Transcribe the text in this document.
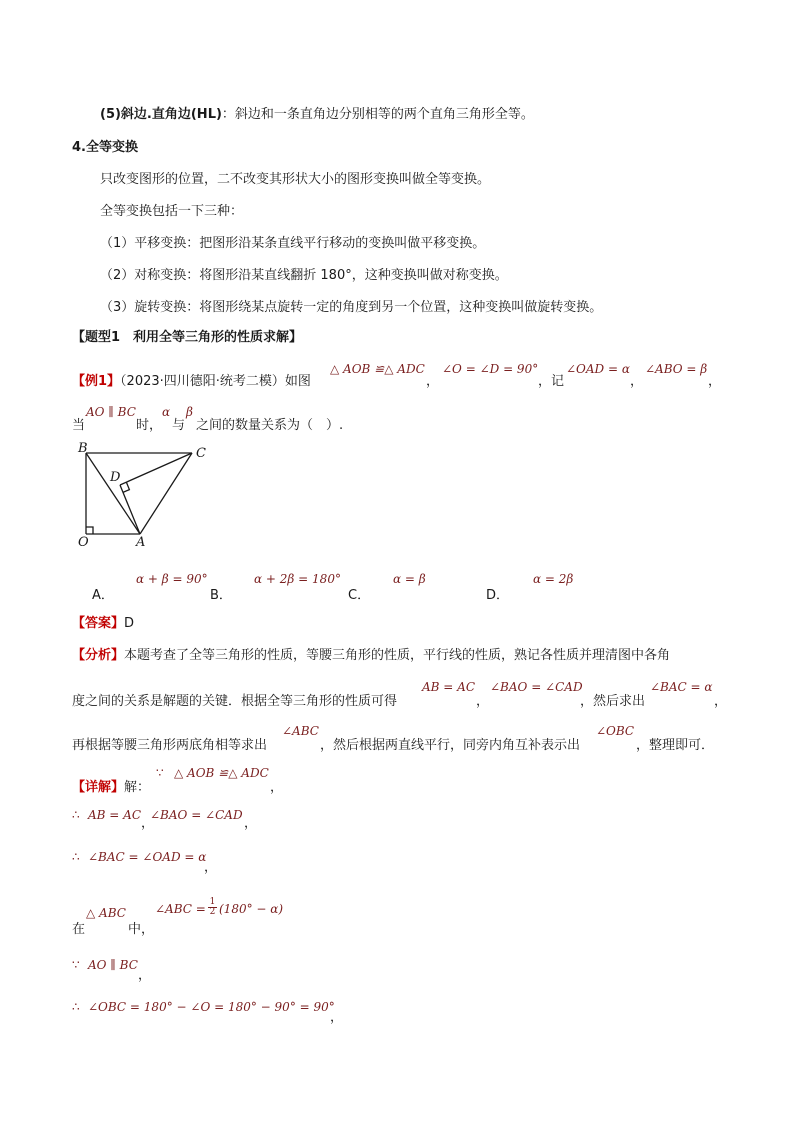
(5)斜边.直角边(HL)：斜边和一条直角边分别相等的两个直角三角形全等。
4.全等变换
只改变图形的位置，二不改变其形状大小的图形变换叫做全等变换。
全等变换包括一下三种：
（1）平移变换：把图形沿某条直线平行移动的变换叫做平移变换。
（2）对称变换：将图形沿某直线翻折 180°，这种变换叫做对称变换。
（3）旋转变换：将图形绕某点旋转一定的角度到另一个位置，这种变换叫做旋转变换。
【题型1　利用全等三角形的性质求解】
【例1】（2023·四川德阳·统考二模）如图
△ AOB ≌△ ADC
，
∠O = ∠D = 90°
，记
∠OAD = α
，
∠ABO = β
，
当
AO ∥ BC
时，
α
与
β
之间的数量关系为（　）.
B	C
D
O	A
A．
α + β = 90°
B．
α + 2β = 180°
C．
α = β
D．
α = 2β
【答案】D
【分析】本题考查了全等三角形的性质，等腰三角形的性质，平行线的性质，熟记各性质并理清图中各角
度之间的关系是解题的关键．根据全等三角形的性质可得
AB = AC
，
∠BAO = ∠CAD
，然后求出
∠BAC = α
，
再根据等腰三角形两底角相等求出
∠ABC
，然后根据两直线平行，同旁内角互补表示出
∠OBC
，整理即可．
【详解】解：
∵ △ AOB ≌△ ADC
，
∴ AB = AC
，
∠BAO = ∠CAD
，
∴ ∠BAC = ∠OAD = α
，
在
△ ABC
中，
∠ABC = $\frac{1}{2} (180^\circ - \alpha)$
∵ AO ∥ BC
，
∴ ∠OBC = 180° − ∠O = 180° − 90° = 90°
，
